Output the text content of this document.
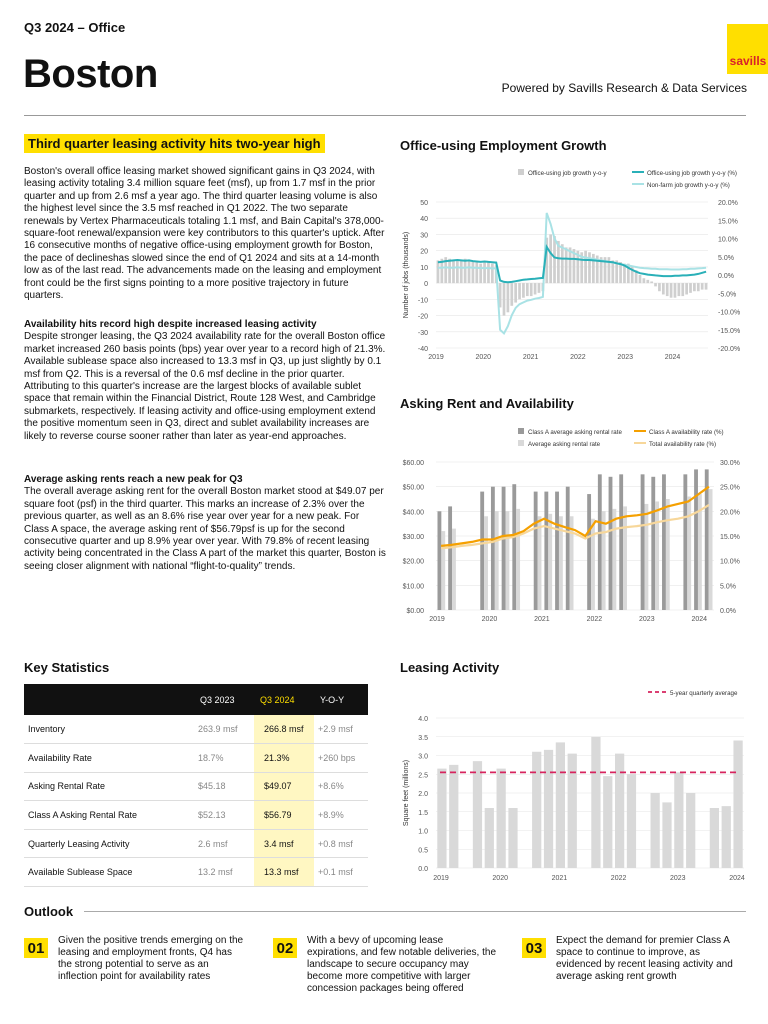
Q3 2024 – Office
Boston	savills
Powered by Savills Research & Data Services
Third quarter leasing activity hits two-year high
Boston's overall office leasing market showed significant gains in Q3 2024, with leasing activity totaling 3.4 million square feet (msf), up from 1.7 msf in the prior quarter and up from 2.6 msf a year ago. The third quarter leasing volume is also the highest level since the 3.5 msf reached in Q1 2022. The two separate renewals by Vertex Pharmaceuticals totaling 1.1 msf, and Bain Capital's 378,000-square-foot renewal/expansion were key contributors to this quarter's uptick. After 16 consecutive months of negative office-using employment growth for Boston, the pace of declineshas slowed since the end of Q1 2024 and sits at a 14-month low as of the last read. The advancements made on the leasing and employment front could be the first signs pointing to a more positive trajectory in future quarters.
Availability hits record high despite increased leasing activity
Despite stronger leasing, the Q3 2024 availability rate for the overall Boston office market increased 260 basis points (bps) year over year to a record high of 21.3%. Available sublease space also increased to 13.3 msf in Q3, up just slightly by 0.1 msf from Q2. This is a reversal of the 0.6 msf decline in the prior quarter. Attributing to this quarter's increase are the largest blocks of available sublet space that remain within the Financial District, Route 128 West, and Cambridge submarkets, respectively. If leasing activity and office-using employment extend the positive momentum seen in Q3, direct and sublet availability increases are likely to reverse course sooner rather than later as year-end approaches.
Average asking rents reach a new peak for Q3
The overall average asking rent for the overall Boston market stood at $49.07 per square foot (psf) in the third quarter. This marks an increase of 2.3% over the previous quarter, as well as an 8.6% rise year over year for a new peak. For Class A space, the average asking rent of $56.79psf is up for the second consecutive quarter and up 8.9% year over year. With 79.8% of recent leasing activity being concentrated in the Class A part of the market this quarter, Boston is seeing closer alignment with national “flight-to-quality” trends.
Office-using Employment Growth
50
40
30
20
10
0
-10
-20
-30
-40
20.0%
15.0%
10.0%
5.0%
0.0%
-5.0%
-10.0%
-15.0%
-20.0%
2019	2020	2021	2022	2023	2024
Number of jobs (thousands)
Office-using job growth y-o-y	Office-using job growth y-o-y (%)
Non-farm job growth y-o-y (%)
Asking Rent and Availability
$60.00
$50.00
$40.00
$30.00
$20.00
$10.00
$0.00
30.0%
25.0%
20.0%
15.0%
10.0%
5.0%
0.0%
2019	2020	2021	2022	2023	2024
Class A average asking rental rate
Average asking rental rate
Class A availability rate (%)
Total availability rate (%)
Key Statistics
	Q3 2023	Q3 2024	Y-O-Y
Inventory	263.9 msf	266.8 msf	+2.9 msf
Availability Rate	18.7%	21.3%	+260 bps
Asking Rental Rate	$45.18	$49.07	+8.6%
Class A Asking Rental Rate	$52.13	$56.79	+8.9%
Quarterly Leasing Activity	2.6 msf	3.4 msf	+0.8 msf
Available Sublease Space	13.2 msf	13.3 msf	+0.1 msf
Leasing Activity
4.0
3.5
3.0
2.5
2.0
1.5
1.0
0.5
0.0
2019	2020	2021	2022	2023	2024
Square feet (millions)
5-year quarterly average
Outlook
01	Given the positive trends emerging on the leasing and employment fronts, Q4 has the strong potential to serve as an inflection point for availability rates
02	With a bevy of upcoming lease expirations, and few notable deliveries, the landscape to secure occupancy may become more competitive with larger concession packages being offered
03	Expect the demand for premier Class A space to continue to improve, as evidenced by recent leasing activity and average asking rent growth
